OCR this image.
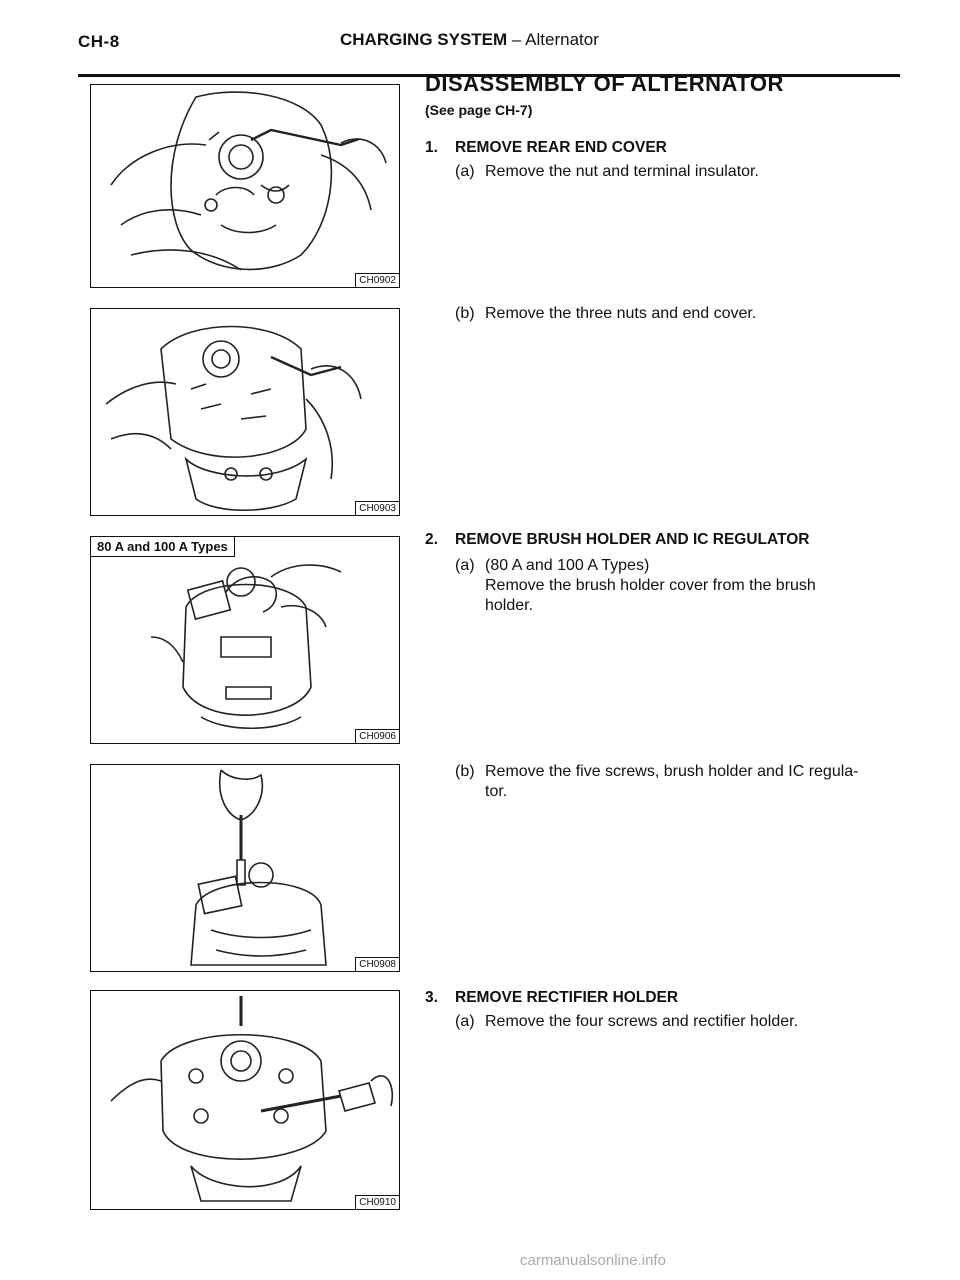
CH-8	CHARGING SYSTEM – Alternator
CH0902
CH0903
80 A and 100 A Types
CH0906
CH0908
CH0910
DISASSEMBLY OF ALTERNATOR
(See page CH-7)
1. REMOVE REAR END COVER
(a) Remove the nut and terminal insulator.
(b) Remove the three nuts and end cover.
2. REMOVE BRUSH HOLDER AND IC REGULATOR
(a) (80 A and 100 A Types)
Remove the brush holder cover from the brush
holder.
(b) Remove the five screws, brush holder and IC regula-
tor.
3. REMOVE RECTIFIER HOLDER
(a) Remove the four screws and rectifier holder.
carmanualsonline.info
